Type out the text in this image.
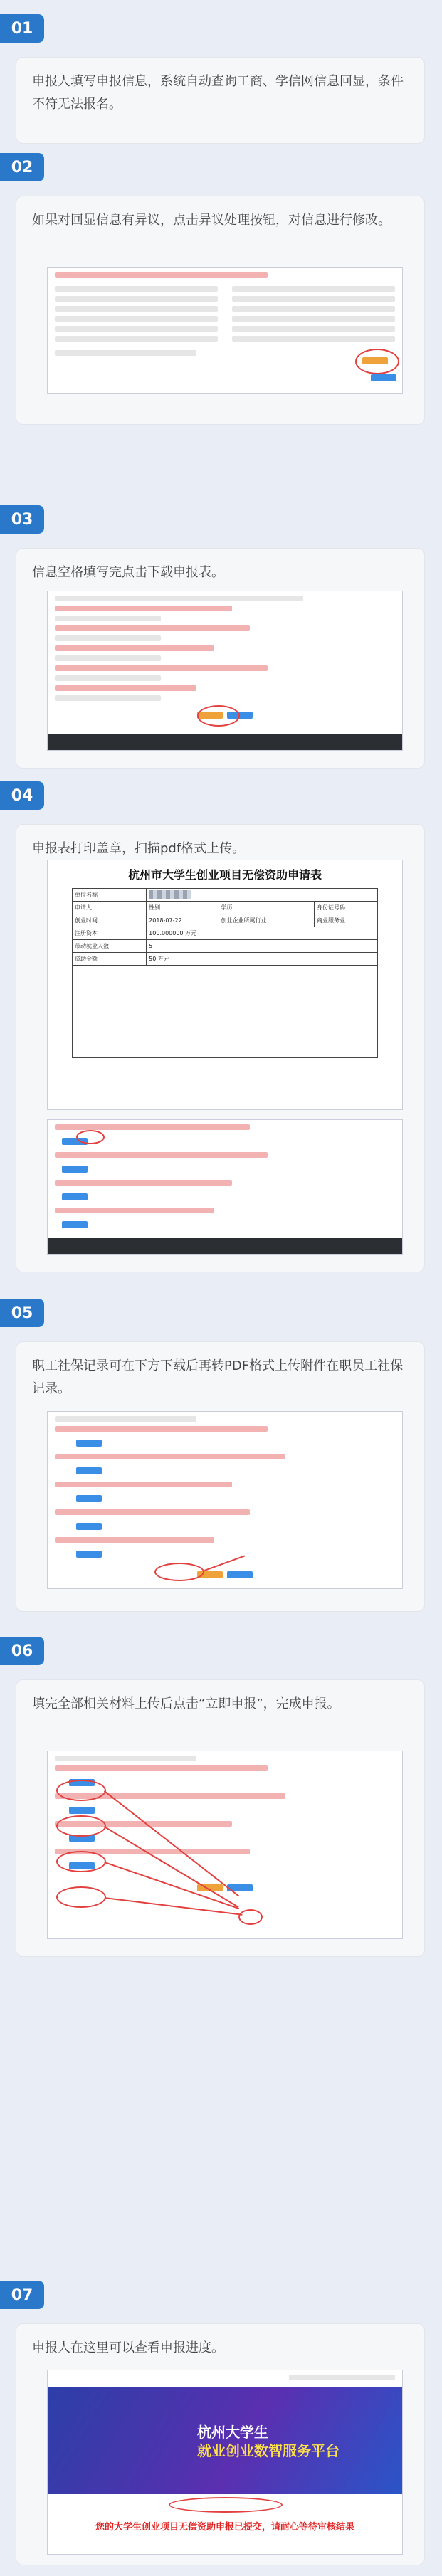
01

申报人填写申报信息，系统自动查询工商、学信网信息回显，条件不符无法报名。

02

如果对回显信息有异议，点击异议处理按钮，对信息进行修改。

03

信息空格填写完点击下载申报表。

04

申报表打印盖章，扫描pdf格式上传。

杭州市大学生创业项目无偿资助申请表
单位名称			
申请人	性别	学历	身份证号码
创业时间	2018-07-22	创业企业所属行业	商业服务业
注册资本	100.000000 万元		
带动就业人数	5		
资助金额	50 万元		

05

职工社保记录可在下方下载后再转PDF格式上传附件在职员工社保记录。

06

填完全部相关材料上传后点击“立即申报”，完成申报。

07

申报人在这里可以查看申报进度。

杭州大学生
就业创业数智服务平台
您的大学生创业项目无偿资助申报已提交，请耐心等待审核结果
